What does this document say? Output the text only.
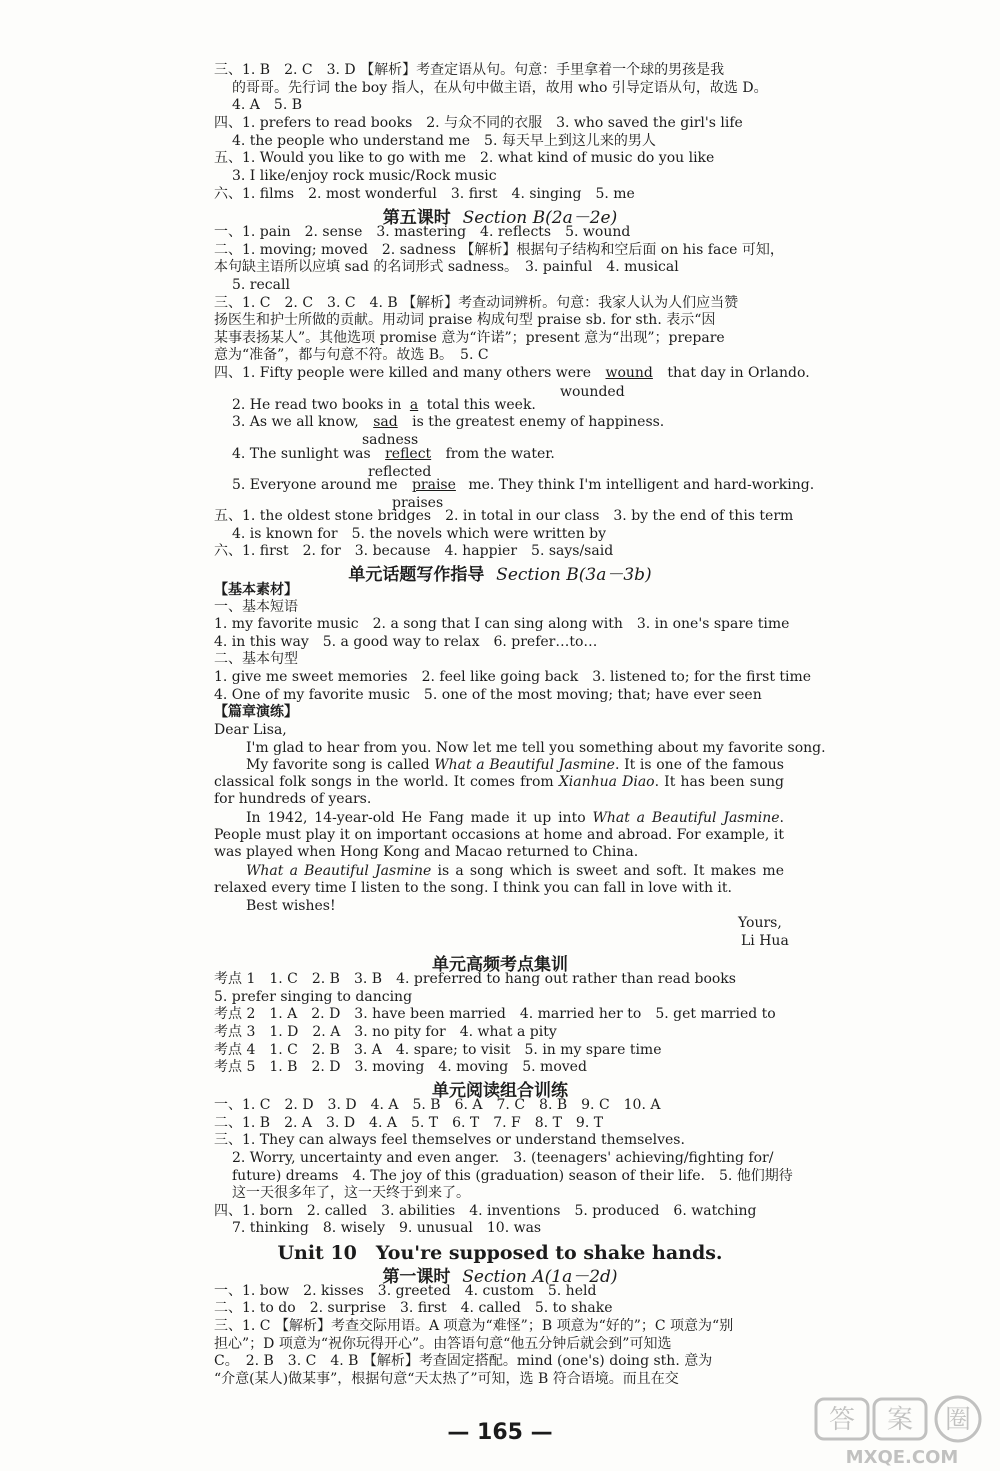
三、1. B　2. C　3. D 【解析】考查定语从句。句意：手里拿着一个球的男孩是我
的哥哥。先行词 the boy 指人，在从句中做主语，故用 who 引导定语从句，故选 D。
4. A　5. B
四、1. prefers to read books　2. 与众不同的衣服　3. who saved the girl's life
4. the people who understand me　5. 每天早上到这儿来的男人
五、1. Would you like to go with me　2. what kind of music do you like
3. I like/enjoy rock music/Rock music
六、1. films　2. most wonderful　3. first　4. singing　5. me
第五课时 Section B(2a－2e)
一、1. pain　2. sense　3. mastering　4. reflects　5. wound
二、1. moving; moved　2. sadness 【解析】根据句子结构和空后面 on his face 可知，
本句缺主语所以应填 sad 的名词形式 sadness。　3. painful　4. musical
5. recall
三、1. C　2. C　3. C　4. B 【解析】考查动词辨析。句意：我家人认为人们应当赞
扬医生和护士所做的贡献。用动词 praise 构成句型 praise sb. for sth. 表示“因
某事表扬某人”。其他选项 promise 意为“许诺”；present 意为“出现”；prepare
意为“准备”，都与句意不符。故选 B。　5. C
四、1. Fifty people were killed and many others were wound that day in Orlando.
wounded
2. He read two books in a total this week.
3. As we all know, sad is the greatest enemy of happiness.
sadness
4. The sunlight was reflect from the water.
reflected
5. Everyone around me praise me. They think I'm intelligent and hard-working.
praises
五、1. the oldest stone bridges　2. in total in our class　3. by the end of this term
4. is known for　5. the novels which were written by
六、1. first　2. for　3. because　4. happier　5. says/said
单元话题写作指导 Section B(3a－3b)
【基本素材】
一、基本短语
1. my favorite music　2. a song that I can sing along with　3. in one's spare time
4. in this way　5. a good way to relax　6. prefer…to…
二、基本句型
1. give me sweet memories　2. feel like going back　3. listened to; for the first time
4. One of my favorite music　5. one of the most moving; that; have ever seen
【篇章演练】
Dear Lisa,
I'm glad to hear from you. Now let me tell you something about my favorite song.
My favorite song is called What a Beautiful Jasmine. It is one of the famous classical folk songs in the world. It comes from Xianhua Diao. It has been sung for hundreds of years.
In 1942, 14-year-old He Fang made it up into What a Beautiful Jasmine. People must play it on important occasions at home and abroad. For example, it was played when Hong Kong and Macao returned to China.
What a Beautiful Jasmine is a song which is sweet and soft. It makes me relaxed every time I listen to the song. I think you can fall in love with it.
Best wishes!
Yours,
Li Hua
单元高频考点集训
考点 1　1. C　2. B　3. B　4. preferred to hang out rather than read books
5. prefer singing to dancing
考点 2　1. A　2. D　3. have been married　4. married her to　5. get married to
考点 3　1. D　2. A　3. no pity for　4. what a pity
考点 4　1. C　2. B　3. A　4. spare; to visit　5. in my spare time
考点 5　1. B　2. D　3. moving　4. moving　5. moved
单元阅读组合训练
一、1. C　2. D　3. D　4. A　5. B　6. A　7. C　8. B　9. C　10. A
二、1. B　2. A　3. D　4. A　5. T　6. T　7. F　8. T　9. T
三、1. They can always feel themselves or understand themselves.
2. Worry, uncertainty and even anger.　3. (teenagers' achieving/fighting for/
future) dreams　4. The joy of this (graduation) season of their life.　5. 他们期待
这一天很多年了，这一天终于到来了。
四、1. born　2. called　3. abilities　4. inventions　5. produced　6. watching
7. thinking　8. wisely　9. unusual　10. was
Unit 10　You're supposed to shake hands.
第一课时 Section A(1a－2d)
一、1. bow　2. kisses　3. greeted　4. custom　5. held
二、1. to do　2. surprise　3. first　4. called　5. to shake
三、1. C 【解析】考查交际用语。A 项意为“难怪”；B 项意为“好的”；C 项意为“别
担心”；D 项意为“祝你玩得开心”。由答语句意“他五分钟后就会到”可知选
C。　2. B　3. C　4. B 【解析】考查固定搭配。mind (one's) doing sth. 意为
“介意(某人)做某事”，根据句意“天太热了”可知，选 B 符合语境。而且在交
— 165 —	答 案 圈
MXQE.COM
